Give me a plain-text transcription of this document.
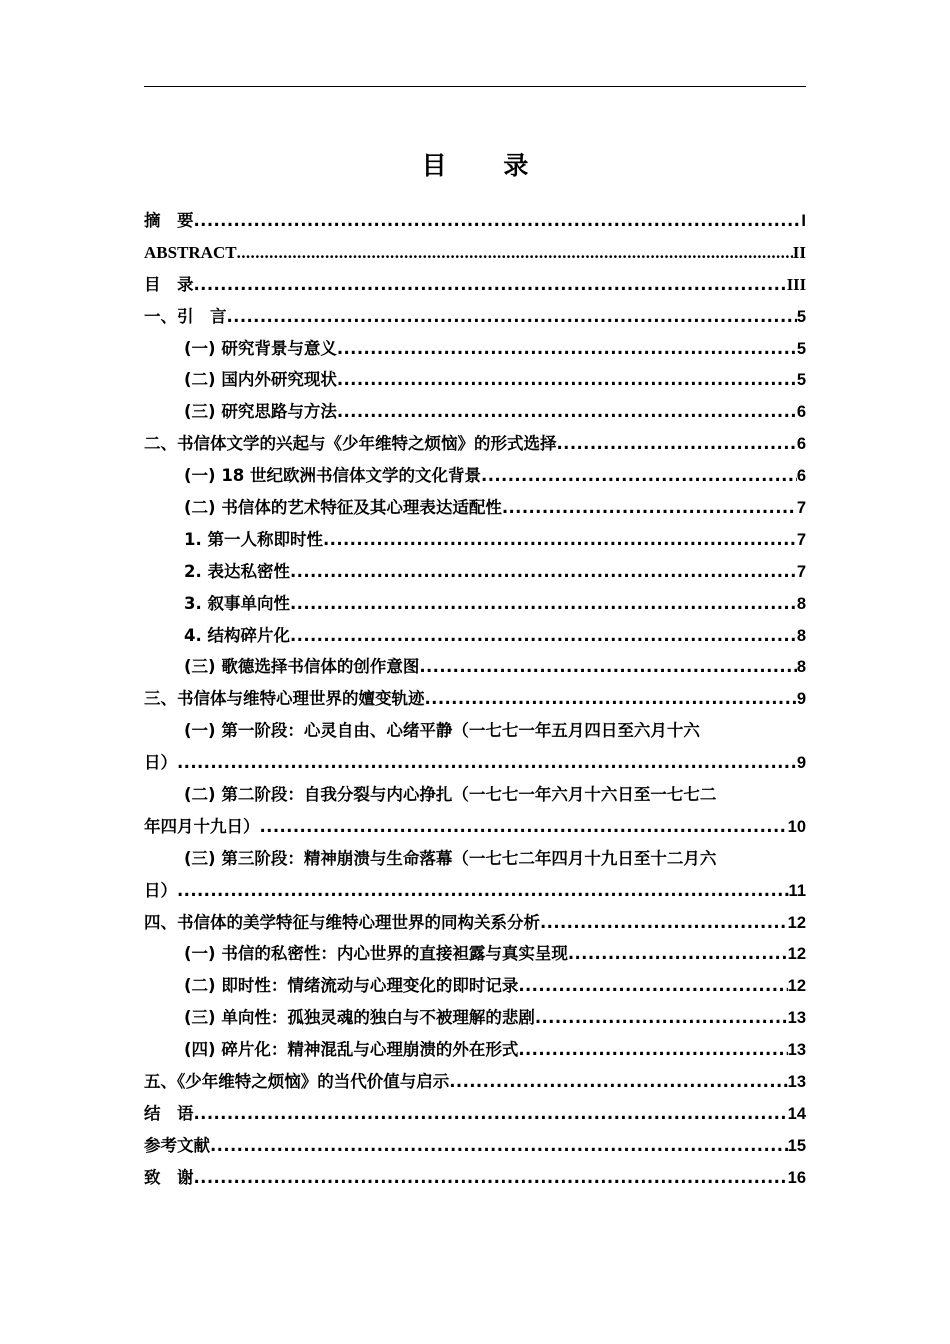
目 录
摘　要 .....	I
ABSTRACT .....	II
目　录 .....	III
一、引　言 .....	5
(一) 研究背景与意义 .....	5
(二) 国内外研究现状 .....	5
(三) 研究思路与方法 .....	6
二、书信体文学的兴起与《少年维特之烦恼》的形式选择 .....	6
(一) 18 世纪欧洲书信体文学的文化背景 .....	6
(二) 书信体的艺术特征及其心理表达适配性 .....	7
1. 第一人称即时性 .....	7
2. 表达私密性 .....	7
3. 叙事单向性 .....	8
4. 结构碎片化 .....	8
(三) 歌德选择书信体的创作意图 .....	8
三、书信体与维特心理世界的嬗变轨迹 .....	9
(一) 第一阶段：心灵自由、心绪平静（一七七一年五月四日至六月十六
日） .....	9
(二) 第二阶段：自我分裂与内心挣扎（一七七一年六月十六日至一七七二
年四月十九日） .....	10
(三) 第三阶段：精神崩溃与生命落幕（一七七二年四月十九日至十二月六
日） .....	11
四、书信体的美学特征与维特心理世界的同构关系分析 .....	12
(一) 书信的私密性：内心世界的直接袒露与真实呈现 .....	12
(二) 即时性：情绪流动与心理变化的即时记录 .....	12
(三) 单向性：孤独灵魂的独白与不被理解的悲剧 .....	13
(四) 碎片化：精神混乱与心理崩溃的外在形式 .....	13
五、《少年维特之烦恼》的当代价值与启示 .....	13
结　语 .....	14
参考文献 .....	15
致　谢 .....	16
